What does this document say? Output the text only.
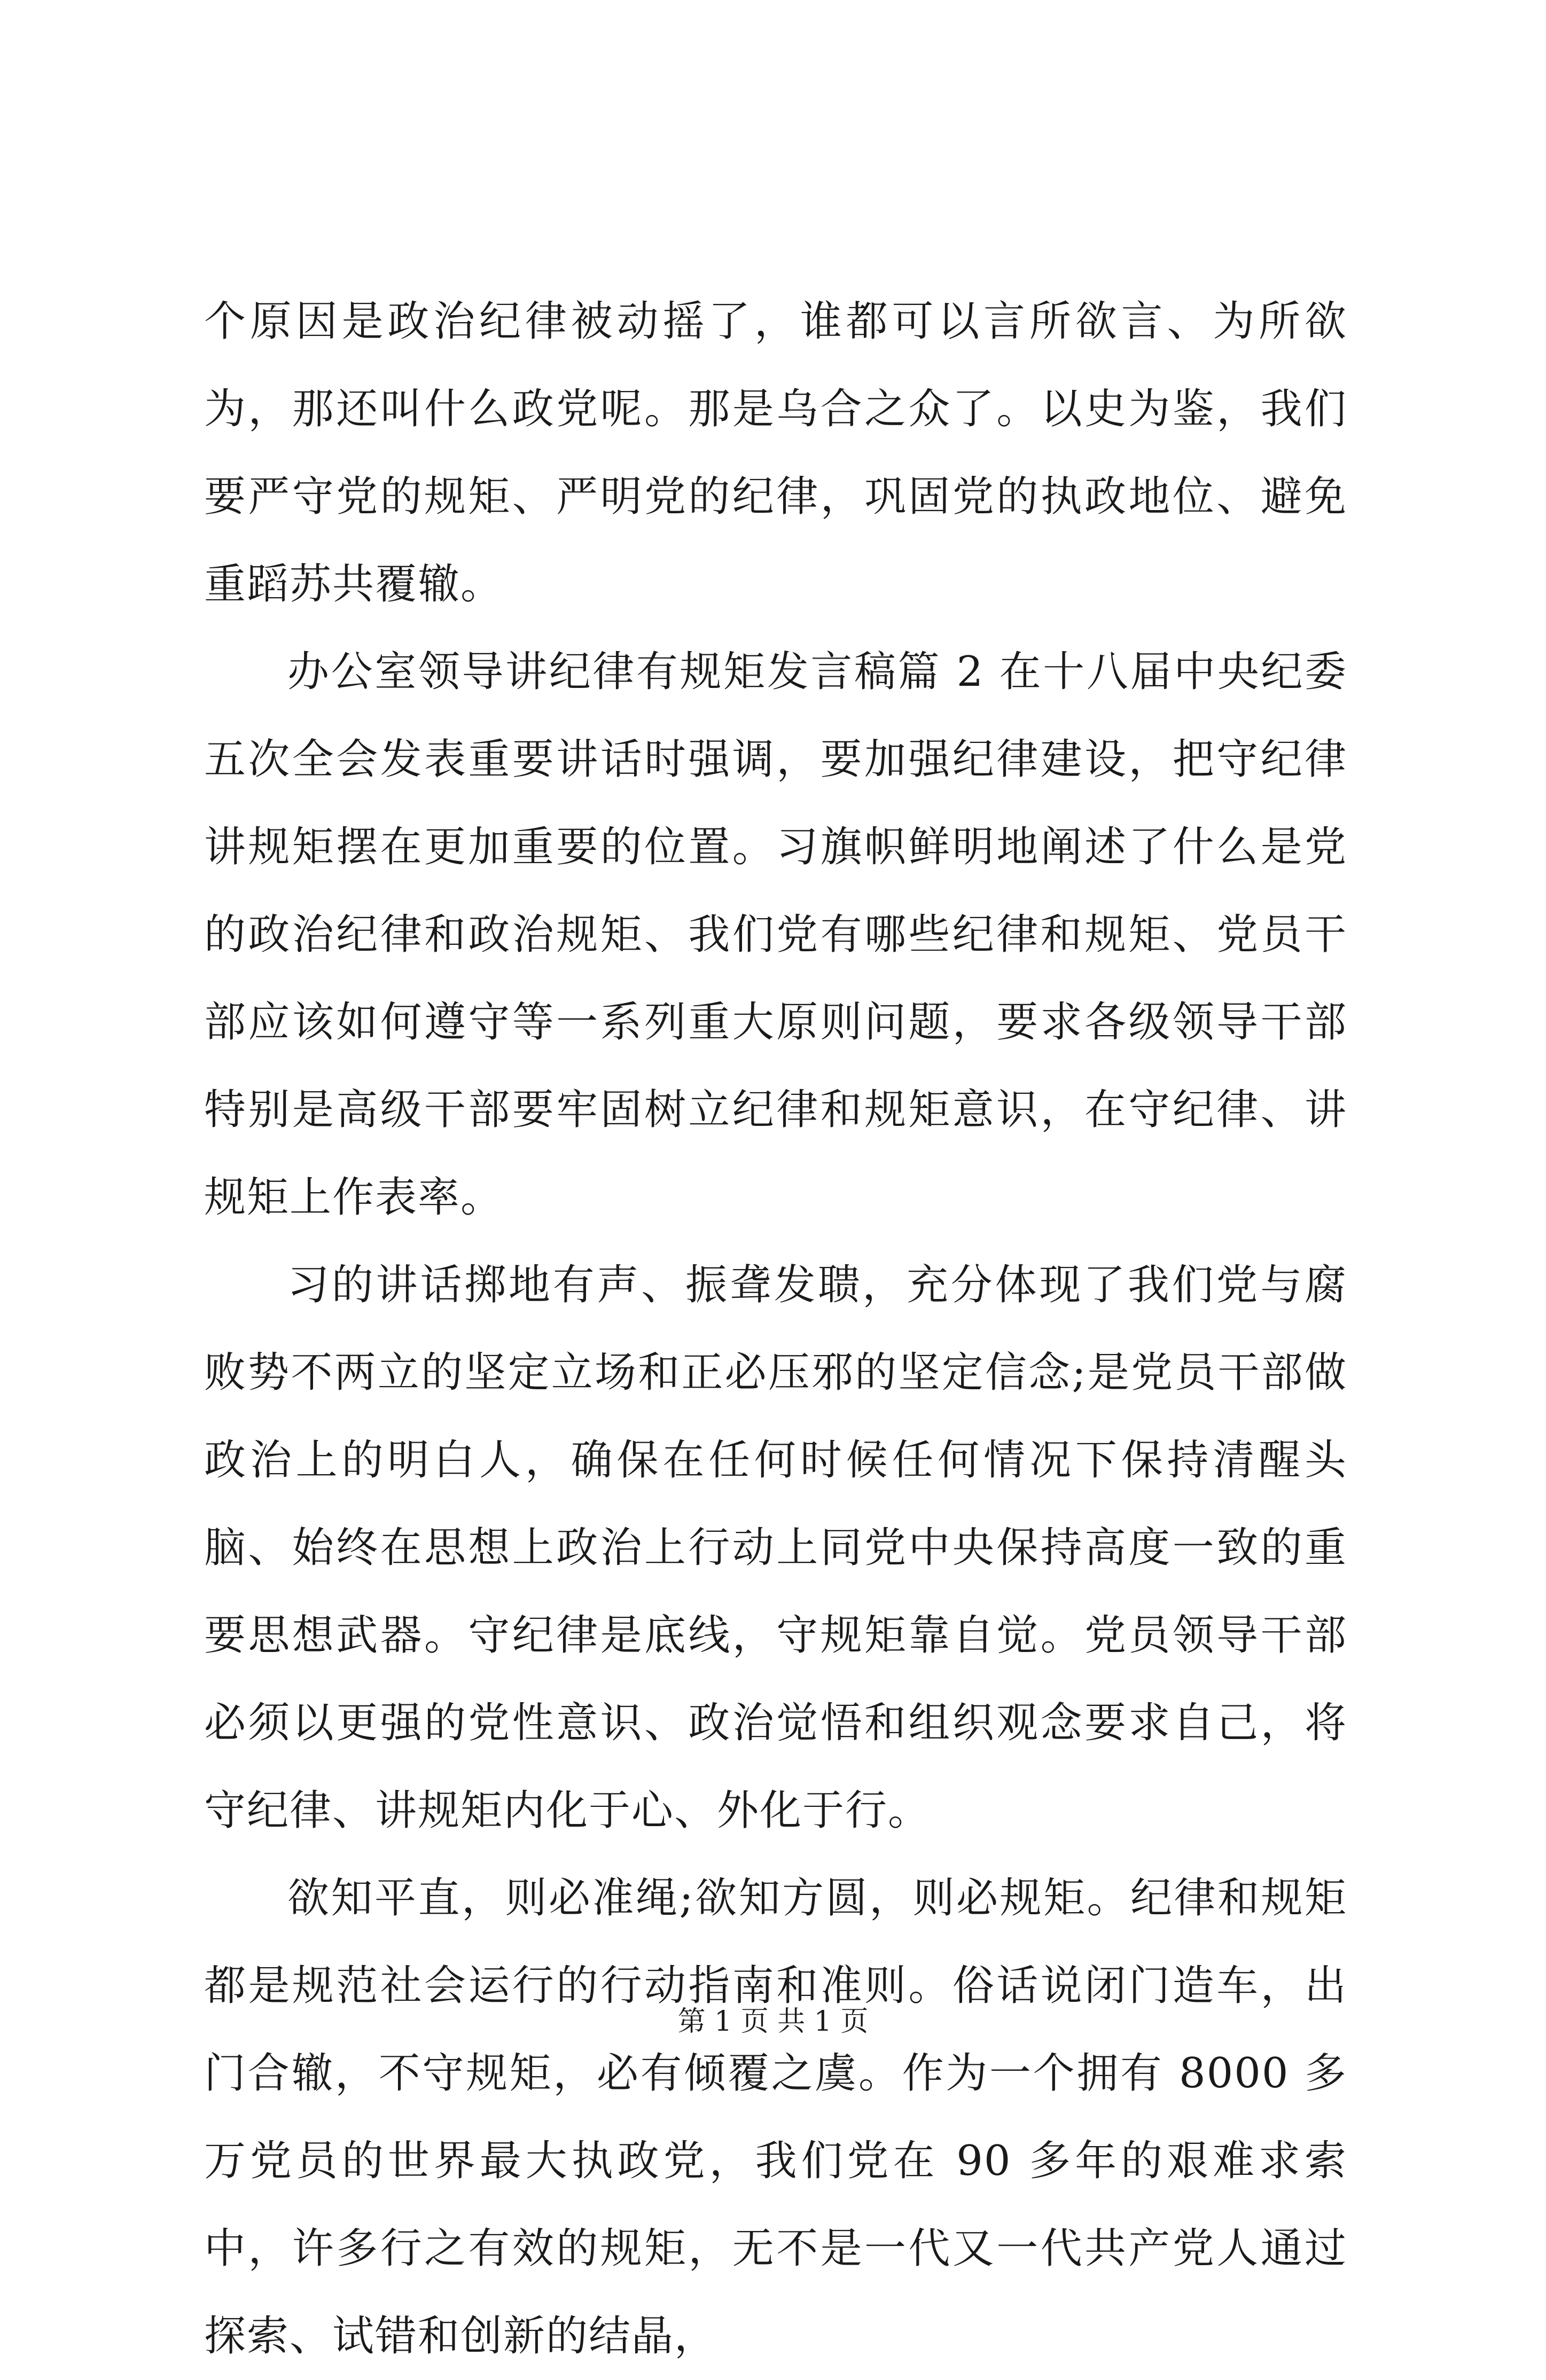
个原因是政治纪律被动摇了，谁都可以言所欲言、为所欲为，那还叫什么政党呢。那是乌合之众了。以史为鉴，我们要严守党的规矩、严明党的纪律，巩固党的执政地位、避免重蹈苏共覆辙。

办公室领导讲纪律有规矩发言稿篇 2 在十八届中央纪委五次全会发表重要讲话时强调，要加强纪律建设，把守纪律讲规矩摆在更加重要的位置。习旗帜鲜明地阐述了什么是党的政治纪律和政治规矩、我们党有哪些纪律和规矩、党员干部应该如何遵守等一系列重大原则问题，要求各级领导干部特别是高级干部要牢固树立纪律和规矩意识，在守纪律、讲规矩上作表率。

习的讲话掷地有声、振聋发聩，充分体现了我们党与腐败势不两立的坚定立场和正必压邪的坚定信念;是党员干部做政治上的明白人，确保在任何时候任何情况下保持清醒头脑、始终在思想上政治上行动上同党中央保持高度一致的重要思想武器。守纪律是底线，守规矩靠自觉。党员领导干部必须以更强的党性意识、政治觉悟和组织观念要求自己，将守纪律、讲规矩内化于心、外化于行。

欲知平直，则必准绳;欲知方圆，则必规矩。纪律和规矩都是规范社会运行的行动指南和准则。俗话说闭门造车，出门合辙，不守规矩，必有倾覆之虞。作为一个拥有 8000 多万党员的世界最大执政党，我们党在 90 多年的艰难求索中，许多行之有效的规矩，无不是一代又一代共产党人通过探索、试错和创新的结晶，

第 1 页 共 1 页
